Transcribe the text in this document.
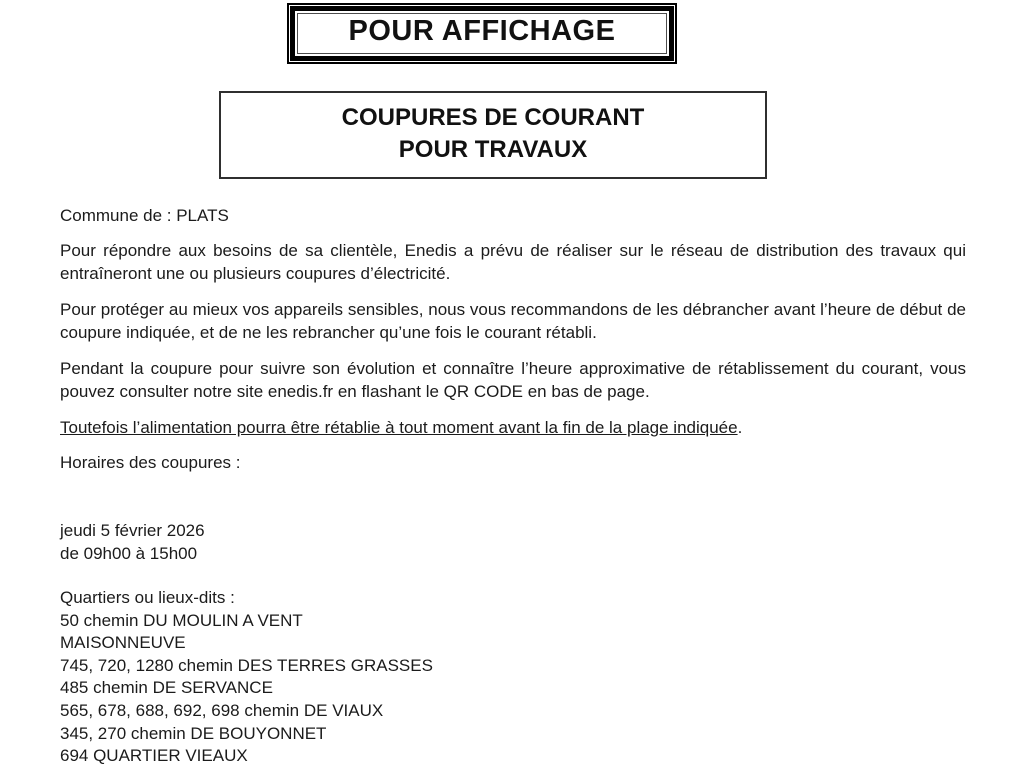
POUR AFFICHAGE
COUPURES DE COURANT
POUR TRAVAUX
Commune de : PLATS

Pour répondre aux besoins de sa clientèle, Enedis a prévu de réaliser sur le réseau de distribution des travaux qui entraîneront une ou plusieurs coupures d’électricité.

Pour protéger au mieux vos appareils sensibles, nous vous recommandons de les débrancher avant l’heure de début de coupure indiquée, et de ne les rebrancher qu’une fois le courant rétabli.

Pendant la coupure pour suivre son évolution et connaître l’heure approximative de rétablissement du courant, vous pouvez consulter notre site enedis.fr en flashant le QR CODE en bas de page.

Toutefois l’alimentation pourra être rétablie à tout moment avant la fin de la plage indiquée.
Horaires des coupures :
jeudi 5 février 2026
de 09h00 à 15h00
Quartiers ou lieux-dits :
50 chemin DU MOULIN A VENT
MAISONNEUVE
745, 720, 1280 chemin DES TERRES GRASSES
485 chemin DE SERVANCE
565, 678, 688, 692, 698 chemin DE VIAUX
345, 270 chemin DE BOUYONNET
694 QUARTIER VIEAUX
